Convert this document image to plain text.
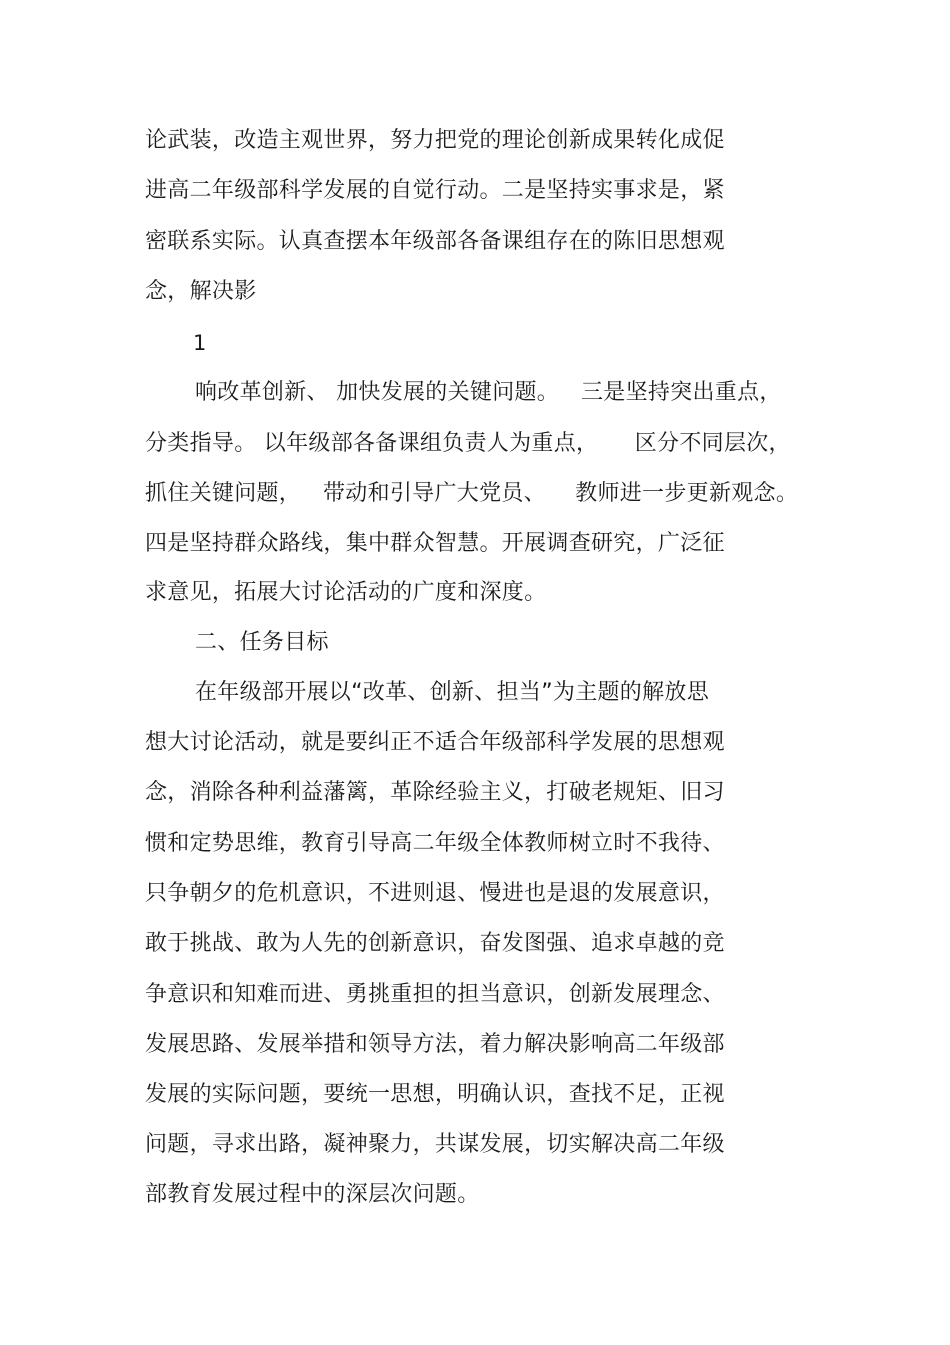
论武装，改造主观世界，努力把党的理论创新成果转化成促
进高二年级部科学发展的自觉行动。二是坚持实事求是，紧
密联系实际。认真查摆本年级部各备课组存在的陈旧思想观
念，解决影
1
响改革创新、 加快发展的关键问题。   三是坚持突出重点，
分类指导。 以年级部各备课组负责人为重点，     区分不同层次，
抓住关键问题，   带动和引导广大党员、    教师进一步更新观念。
四是坚持群众路线，集中群众智慧。开展调查研究，广泛征
求意见，拓展大讨论活动的广度和深度。
二、任务目标
在年级部开展以“改革、创新、担当”为主题的解放思
想大讨论活动，就是要纠正不适合年级部科学发展的思想观
念，消除各种利益藩篱，革除经验主义，打破老规矩、旧习
惯和定势思维，教育引导高二年级全体教师树立时不我待、
只争朝夕的危机意识，不进则退、慢进也是退的发展意识，
敢于挑战、敢为人先的创新意识，奋发图强、追求卓越的竞
争意识和知难而进、勇挑重担的担当意识，创新发展理念、
发展思路、发展举措和领导方法，着力解决影响高二年级部
发展的实际问题，要统一思想，明确认识，查找不足，正视
问题，寻求出路，凝神聚力，共谋发展，切实解决高二年级
部教育发展过程中的深层次问题。
